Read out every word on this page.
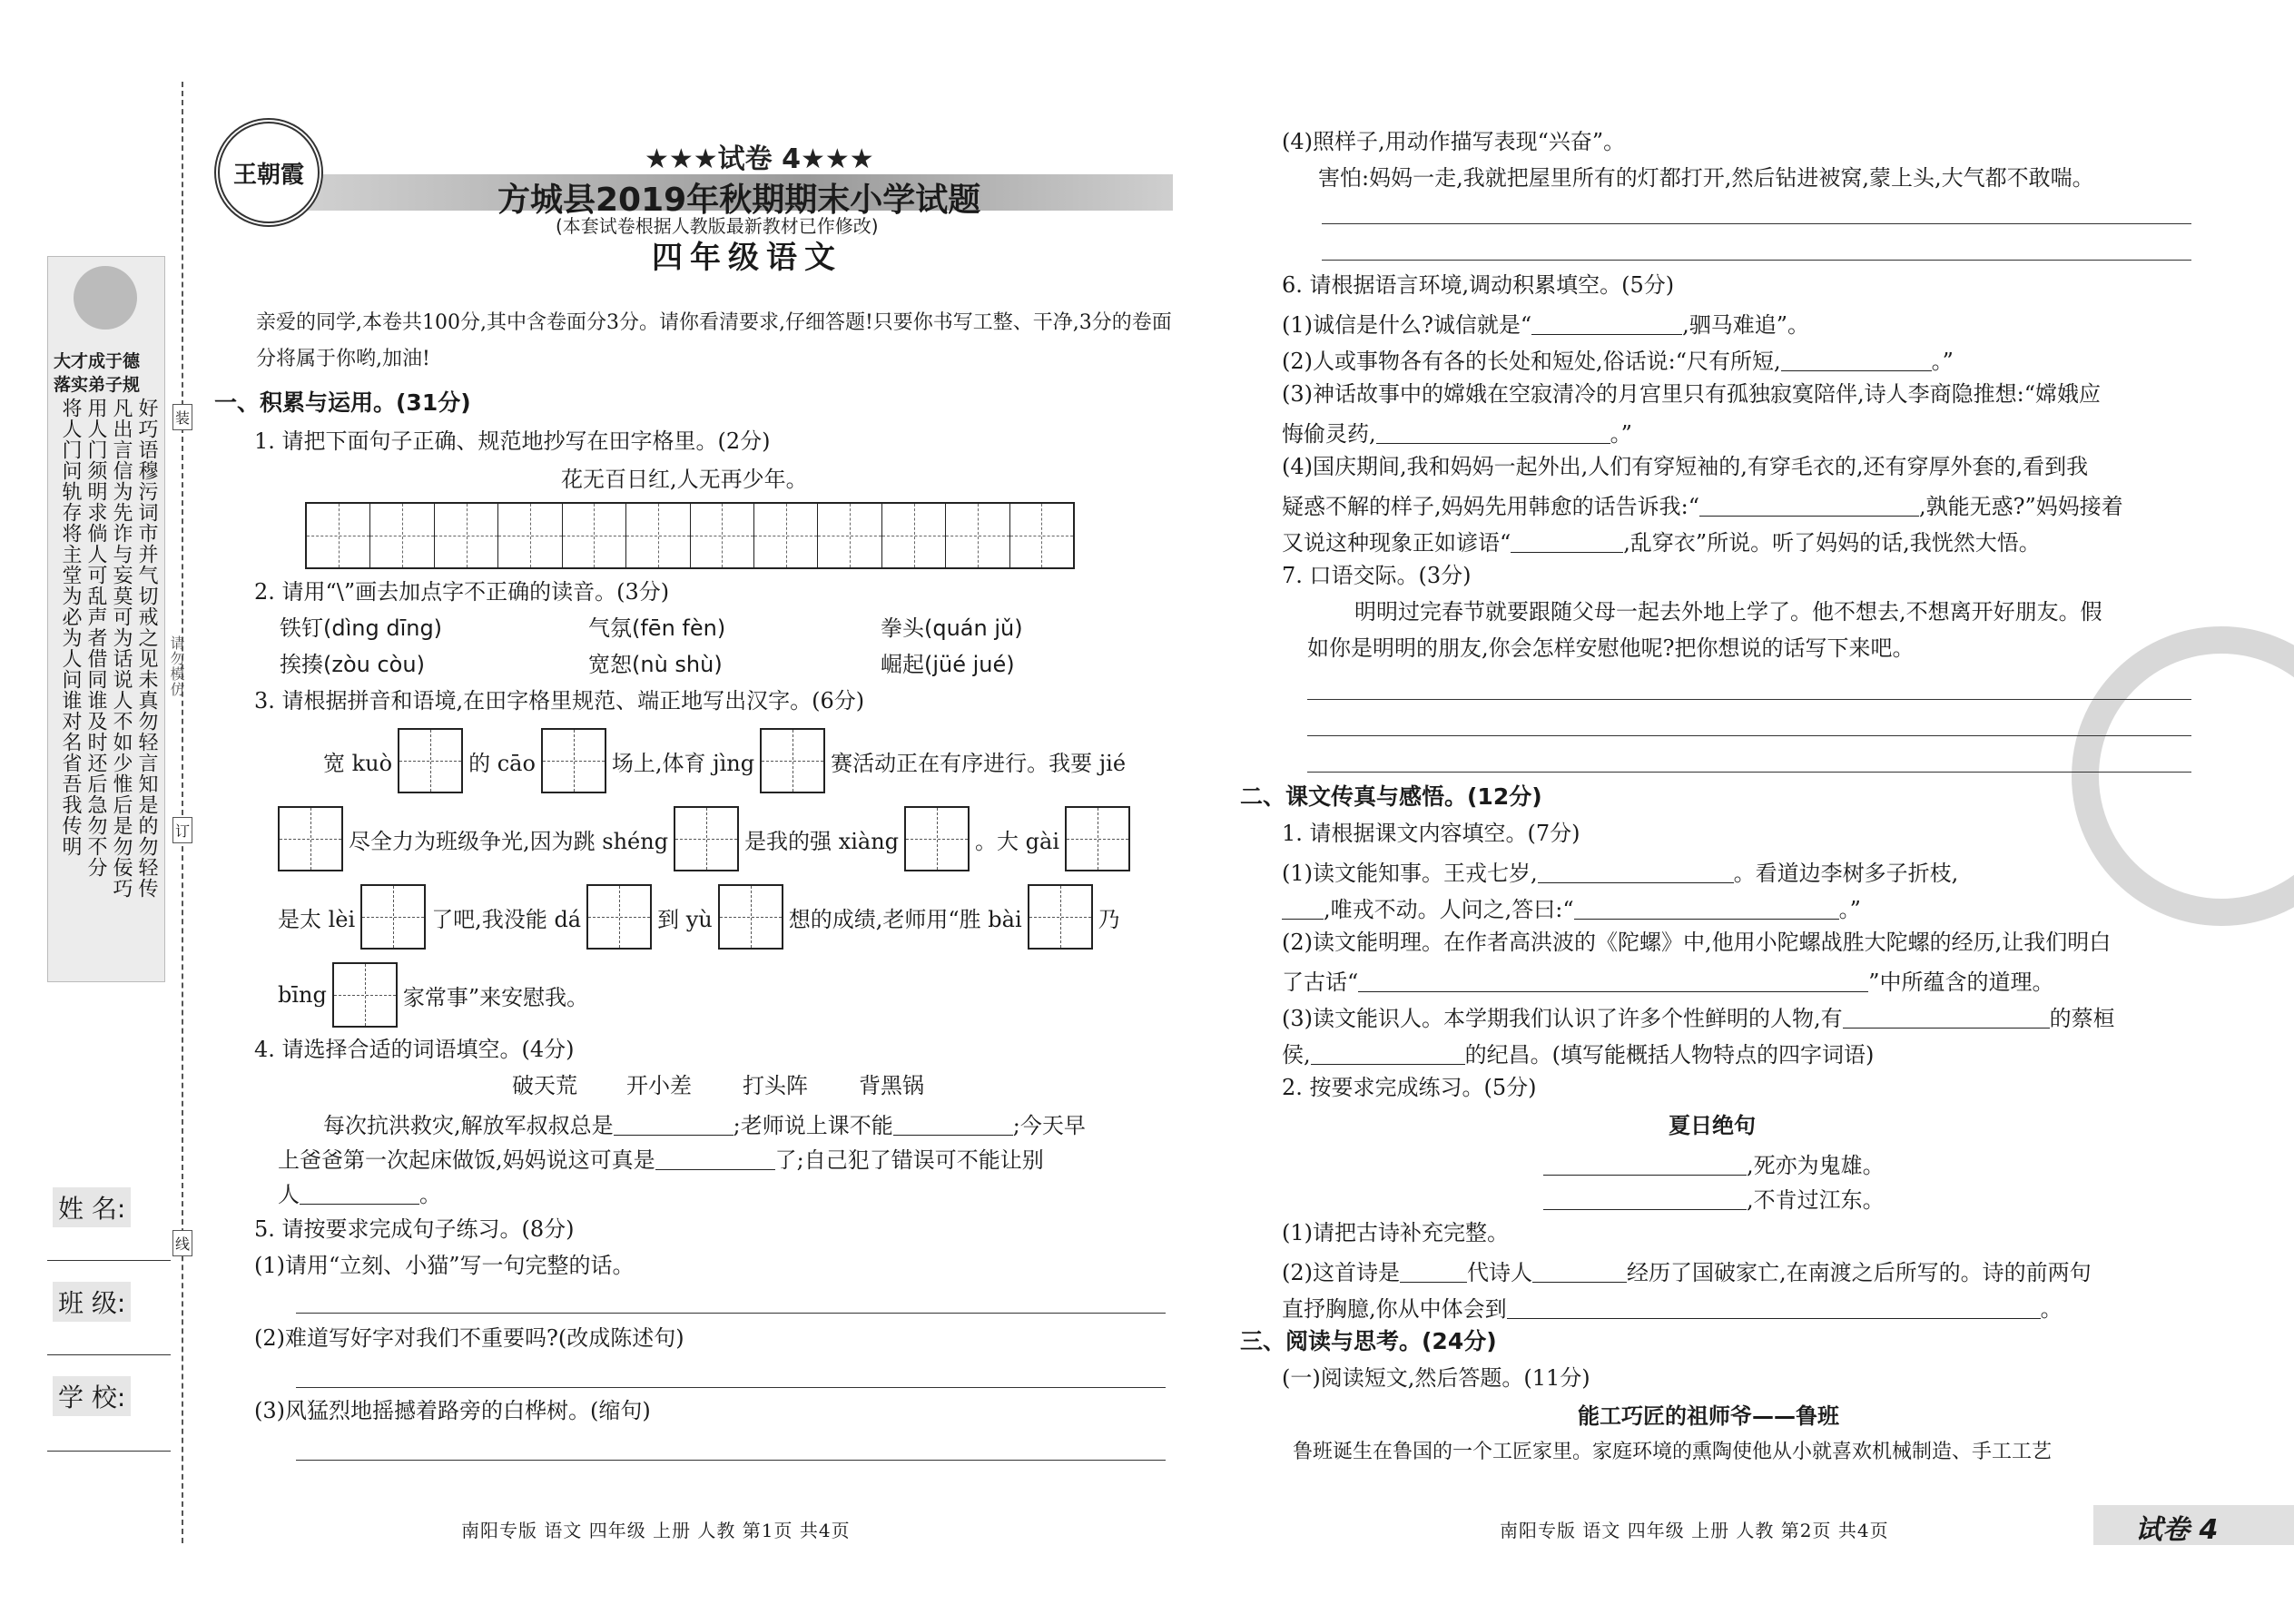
大才成于德
落实弟子规
好巧语穆污词市并气切戒之见未真勿轻言知是的勿轻传
凡出言信为先诈与妄莫可为话说人不如少惟后是勿佞巧
用人门须明求倘人可乱声者借同谁及时还后急勿不分
将人门问轨存将主堂为必为人问谁对名省吾我传明	装
订
线
请勿模仿
姓 名:
班 级:
学 校:
王朝霞	★★★试卷 4★★★
方城县2019年秋期期末小学试题
(本套试卷根据人教版最新教材已作修改)
四年级语文
亲爱的同学,本卷共100分,其中含卷面分3分。请你看清要求,仔细答题!只要你书写工整、干净,3分的卷面分将属于你哟,加油!
一、积累与运用。(31分)
1. 请把下面句子正确、规范地抄写在田字格里。(2分)
花无百日红,人无再少年。
2. 请用“\”画去加点字不正确的读音。(3分)
铁钉(dìng dīng)	气氛(fēn fèn)	拳头(quán jǔ)
挨揍(zòu còu)	宽恕(nù shù)	崛起(jüé jué)
3. 请根据拼音和语境,在田字格里规范、端正地写出汉字。(6分)
宽 kuò	的 cāo	场上,体育 jìng	赛活动正在有序进行。我要 jié
尽全力为班级争光,因为跳 shéng	是我的强 xiàng	。大 gài
是太 lèi	了吧,我没能 dá	到 yù	想的成绩,老师用“胜 bài	乃
bīng	家常事”来安慰我。
4. 请选择合适的词语填空。(4分)
破天荒 开小差 打头阵 背黑锅
每次抗洪救灾,解放军叔叔总是	;老师说上课不能	;今天早
上爸爸第一次起床做饭,妈妈说这可真是	了;自己犯了错误可不能让别
人	。
5. 请按要求完成句子练习。(8分)
(1)请用“立刻、小猫”写一句完整的话。
(2)难道写好字对我们不重要吗?(改成陈述句)
(3)风猛烈地摇撼着路旁的白桦树。(缩句)
南阳专版 语文 四年级 上册 人教 第1页 共4页
(4)照样子,用动作描写表现“兴奋”。
害怕:妈妈一走,我就把屋里所有的灯都打开,然后钻进被窝,蒙上头,大气都不敢喘。
6. 请根据语言环境,调动积累填空。(5分)
(1)诚信是什么?诚信就是“	,驷马难追”。
(2)人或事物各有各的长处和短处,俗话说:“尺有所短,	。”
(3)神话故事中的嫦娥在空寂清冷的月宫里只有孤独寂寞陪伴,诗人李商隐推想:“嫦娥应
悔偷灵药,	。”
(4)国庆期间,我和妈妈一起外出,人们有穿短袖的,有穿毛衣的,还有穿厚外套的,看到我
疑惑不解的样子,妈妈先用韩愈的话告诉我:“	,孰能无惑?”妈妈接着
又说这种现象正如谚语“	,乱穿衣”所说。听了妈妈的话,我恍然大悟。
7. 口语交际。(3分)
明明过完春节就要跟随父母一起去外地上学了。他不想去,不想离开好朋友。假
如你是明明的朋友,你会怎样安慰他呢?把你想说的话写下来吧。
二、课文传真与感悟。(12分)
1. 请根据课文内容填空。(7分)
(1)读文能知事。王戎七岁,	。看道边李树多子折枝,
,唯戎不动。人问之,答曰:“	。”
(2)读文能明理。在作者高洪波的《陀螺》中,他用小陀螺战胜大陀螺的经历,让我们明白
了古话“	”中所蕴含的道理。
(3)读文能识人。本学期我们认识了许多个性鲜明的人物,有	的蔡桓
侯,	的纪昌。(填写能概括人物特点的四字词语)
2. 按要求完成练习。(5分)
夏日绝句
,死亦为鬼雄。
,不肯过江东。
(1)请把古诗补充完整。
(2)这首诗是	代诗人	经历了国破家亡,在南渡之后所写的。诗的前两句
直抒胸臆,你从中体会到	。
三、阅读与思考。(24分)
(一)阅读短文,然后答题。(11分)
能工巧匠的祖师爷——鲁班
鲁班诞生在鲁国的一个工匠家里。家庭环境的熏陶使他从小就喜欢机械制造、手工工艺
南阳专版 语文 四年级 上册 人教 第2页 共4页	试卷 4
